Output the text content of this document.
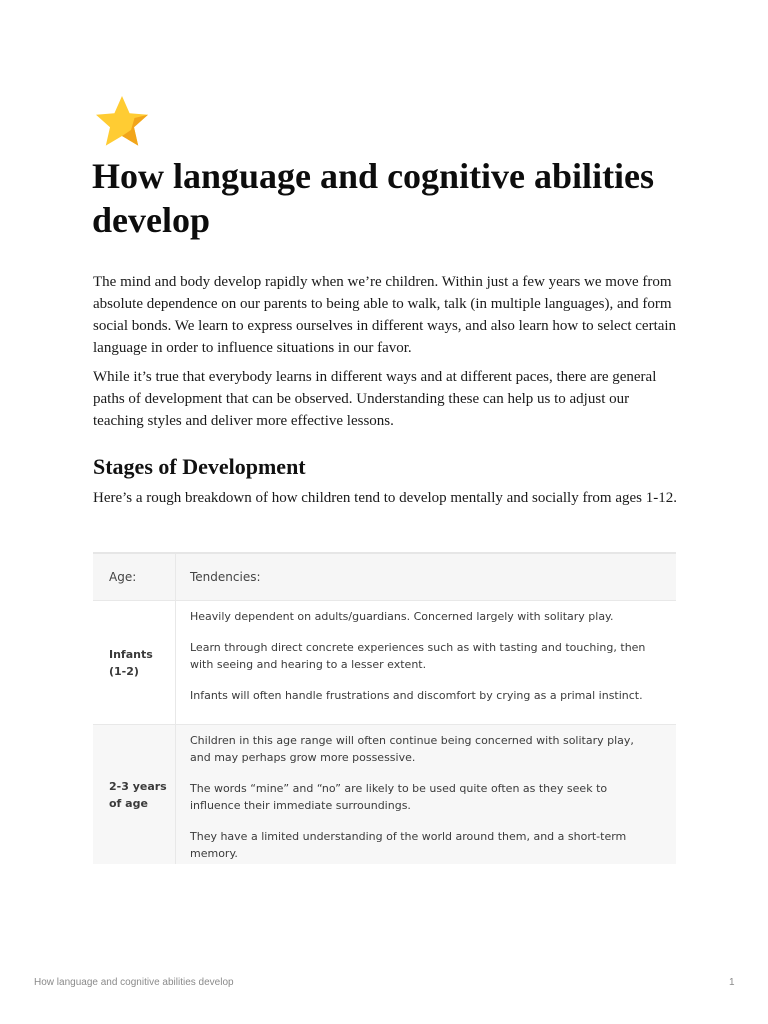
How language and cognitive abilities develop

The mind and body develop rapidly when we’re children. Within just a few years we move from absolute dependence on our parents to being able to walk, talk (in multiple languages), and form social bonds. We learn to express ourselves in different ways, and also learn how to select certain language in order to influence situations in our favor.

While it’s true that everybody learns in different ways and at different paces, there are general paths of development that can be observed. Understanding these can help us to adjust our teaching styles and deliver more effective lessons.

Stages of Development

Here’s a rough breakdown of how children tend to develop mentally and socially from ages 1-12.

Age:	Tendencies:
Infants
(1-2)

Heavily dependent on adults/guardians. Concerned largely with solitary play.

Learn through direct concrete experiences such as with tasting and touching, then with seeing and hearing to a lesser extent.

Infants will often handle frustrations and discomfort by crying as a primal instinct.

2-3 years
of age

Children in this age range will often continue being concerned with solitary play, and may perhaps grow more possessive.

The words “mine” and “no” are likely to be used quite often as they seek to influence their immediate surroundings.

They have a limited understanding of the world around them, and a short-term memory.

How language and cognitive abilities develop	1
